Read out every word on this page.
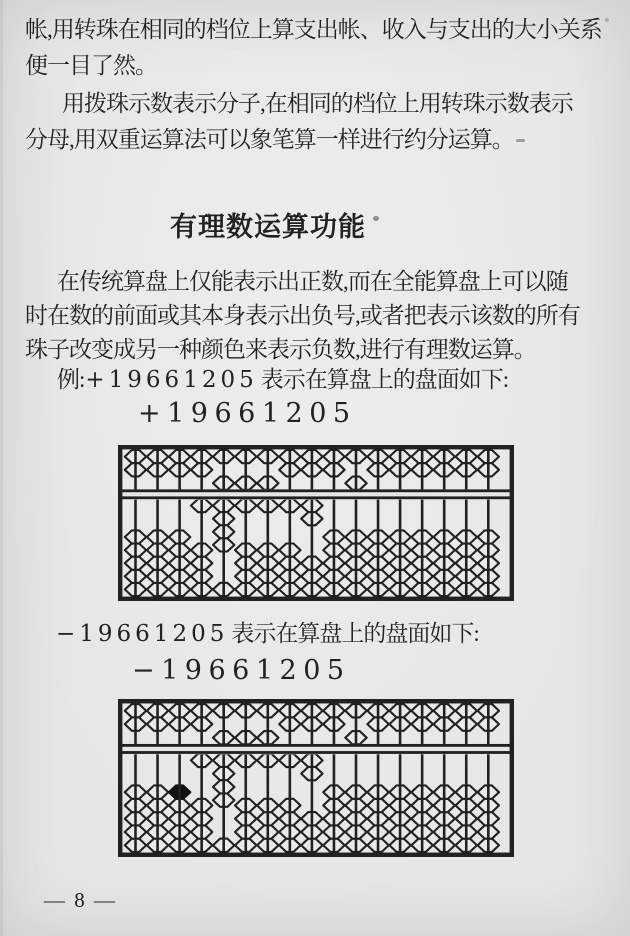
帐,用转珠在相同的档位上算支出帐、收入与支出的大小关系
便一目了然。
用拨珠示数表示分子,在相同的档位上用转珠示数表示
分母,用双重运算法可以象笔算一样进行约分运算。
有理数运算功能
在传统算盘上仅能表示出正数,而在全能算盘上可以随
时在数的前面或其本身表示出负号,或者把表示该数的所有
珠子改变成另一种颜色来表示负数,进行有理数运算。
例:+19661205 表示在算盘上的盘面如下:
+19661205
−19661205 表示在算盘上的盘面如下:
−19661205
— 8 —
